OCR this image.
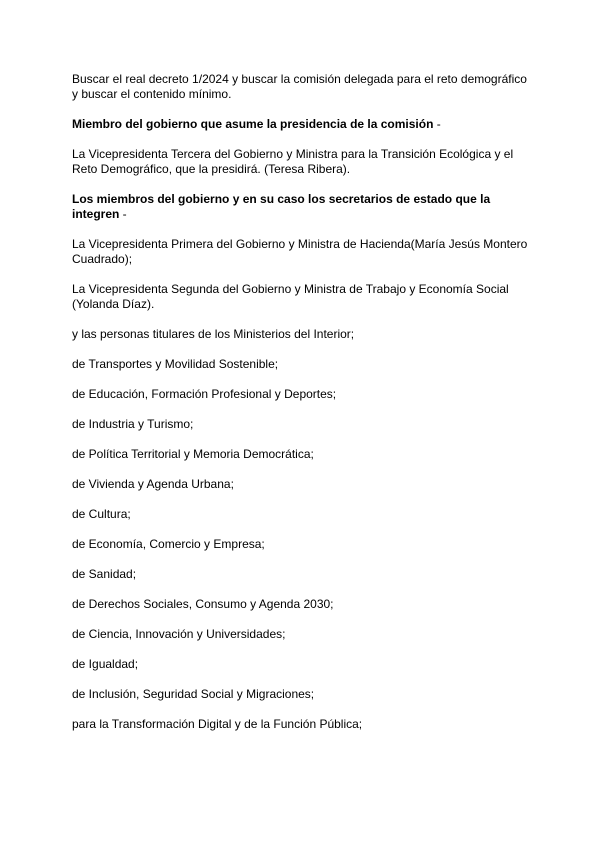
Buscar el real decreto 1/2024 y buscar la comisión delegada para el reto demográfico y buscar el contenido mínimo.

Miembro del gobierno que asume la presidencia de la comisión -

La Vicepresidenta Tercera del Gobierno y Ministra para la Transición Ecológica y el Reto Demográfico, que la presidirá. (Teresa Ribera).

Los miembros del gobierno y en su caso los secretarios de estado que la integren -

La Vicepresidenta Primera del Gobierno y Ministra de Hacienda(María Jesús Montero Cuadrado);

La Vicepresidenta Segunda del Gobierno y Ministra de Trabajo y Economía Social (Yolanda Díaz).

y las personas titulares de los Ministerios del Interior;

de Transportes y Movilidad Sostenible;

de Educación, Formación Profesional y Deportes;

de Industria y Turismo;

de Política Territorial y Memoria Democrática;

de Vivienda y Agenda Urbana;

de Cultura;

de Economía, Comercio y Empresa;

de Sanidad;

de Derechos Sociales, Consumo y Agenda 2030;

de Ciencia, Innovación y Universidades;

de Igualdad;

de Inclusión, Seguridad Social y Migraciones;

para la Transformación Digital y de la Función Pública;
